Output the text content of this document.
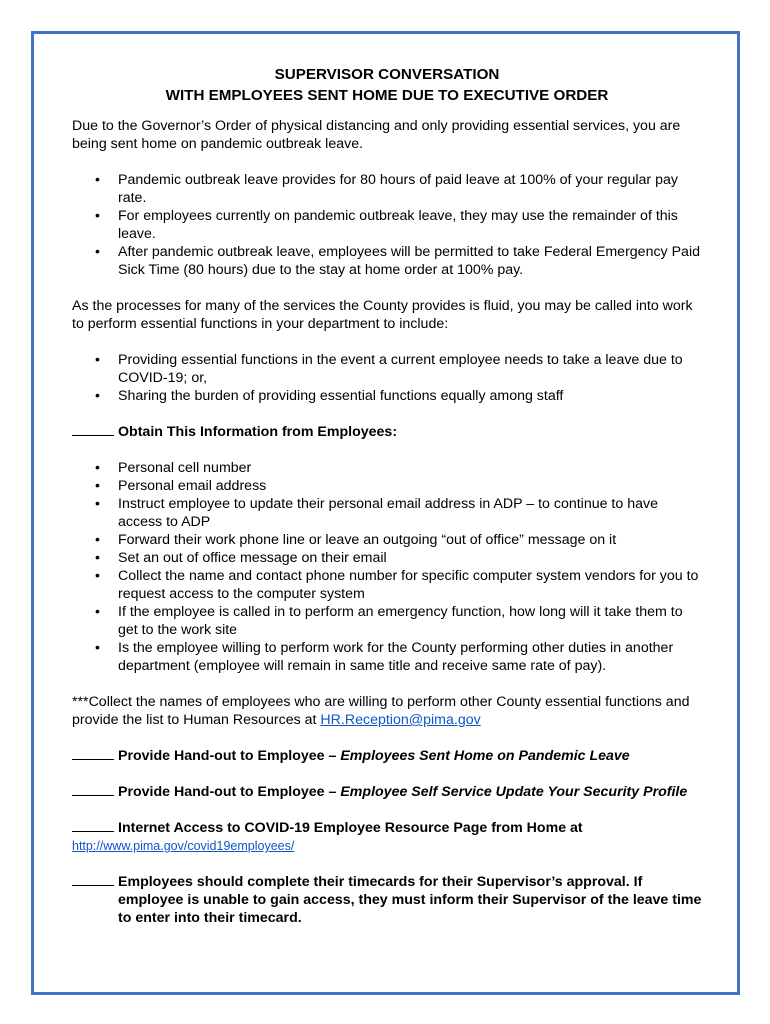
SUPERVISOR CONVERSATION
WITH EMPLOYEES SENT HOME DUE TO EXECUTIVE ORDER

Due to the Governor’s Order of physical distancing and only providing essential services, you are being sent home on pandemic outbreak leave.

• Pandemic outbreak leave provides for 80 hours of paid leave at 100% of your regular pay rate.
• For employees currently on pandemic outbreak leave, they may use the remainder of this leave.
• After pandemic outbreak leave, employees will be permitted to take Federal Emergency Paid Sick Time (80 hours) due to the stay at home order at 100% pay.

As the processes for many of the services the County provides is fluid, you may be called into work to perform essential functions in your department to include:

• Providing essential functions in the event a current employee needs to take a leave due to COVID-19; or,
• Sharing the burden of providing essential functions equally among staff
Obtain This Information from Employees:
• Personal cell number
• Personal email address
• Instruct employee to update their personal email address in ADP – to continue to have access to ADP
• Forward their work phone line or leave an outgoing “out of office” message on it
• Set an out of office message on their email
• Collect the name and contact phone number for specific computer system vendors for you to request access to the computer system
• If the employee is called in to perform an emergency function, how long will it take them to get to the work site
• Is the employee willing to perform work for the County performing other duties in another department (employee will remain in same title and receive same rate of pay).

***Collect the names of employees who are willing to perform other County essential functions and provide the list to Human Resources at HR.Reception@pima.gov

Provide Hand-out to Employee – Employees Sent Home on Pandemic Leave
Provide Hand-out to Employee – Employee Self Service Update Your Security Profile
Internet Access to COVID-19 Employee Resource Page from Home at
http://www.pima.gov/covid19employees/
Employees should complete their timecards for their Supervisor’s approval. If employee is unable to gain access, they must inform their Supervisor of the leave time to enter into their timecard.
